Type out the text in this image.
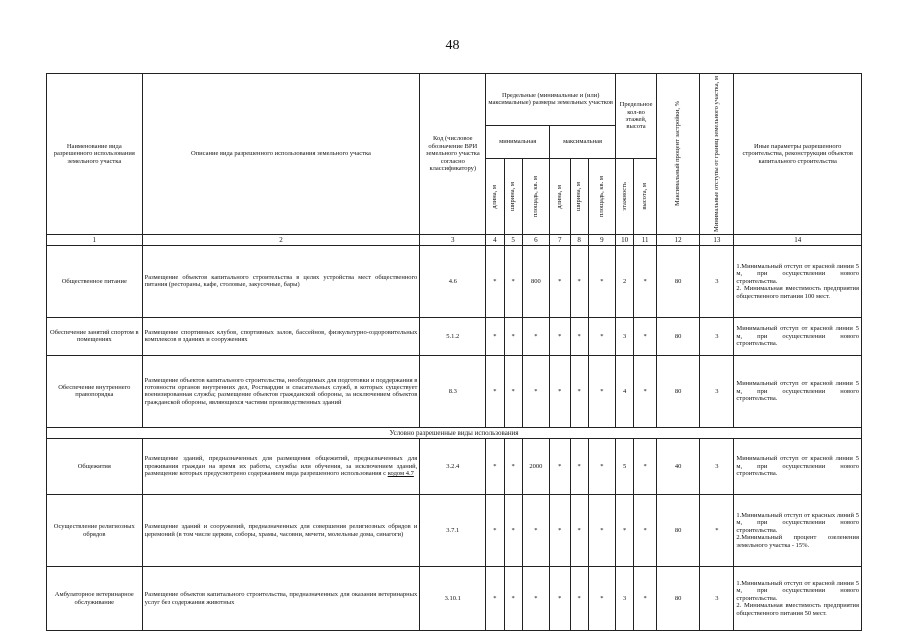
48
Наименование вида разрешенного использования земельного участка	Описание вида разрешенного использования земельного участка	Код (числовое обозначение ВРИ земельного участка согласно классификатору)	Предельные (минимальные и (или) максимальные) размеры земельных участков						Предельное кол-во этажей, высота		Максимальный процент застройки, %	Минимальные отступы от границ земельного участка, м	Иные параметры разрешенного строительства, реконструкции объектов капитального строительства
			минимальная			максимальная							

			длина, м	ширина, м	площадь, кв. м	длина, м	ширина, м	площадь, кв. м	этажность	высота, м			

1	2	3	4	5	6	7	8	9	10	11	12	13	14
Общественное питание	Размещение объектов капитального строительства в целях устройства мест общественного питания (рестораны, кафе, столовые, закусочные, бары)	4.6	*	*	800	*	*	*	2	*	80	3	1.Минимальный отступ от красной линии 5 м, при осуществлении нового строительства.
2. Минимальная вместимость предприятия общественного питания 100 мест.
Обеспечение занятий спортом в помещениях	Размещение спортивных клубов, спортивных залов, бассейнов, физкультурно-оздоровительных комплексов в зданиях и сооружениях	5.1.2	*	*	*	*	*	*	3	*	80	3	Минимальный отступ от красной линии 5 м, при осуществлении нового строительства.
Обеспечение внутреннего правопорядка	Размещение объектов капитального строительства, необходимых для подготовки и поддержания в готовности органов внутренних дел, Росгвардии и спасательных служб, в которых существует военизированная служба; размещение объектов гражданской обороны, за исключением объектов гражданской обороны, являющихся частями производственных зданий	8.3	*	*	*	*	*	*	4	*	80	3	Минимальный отступ от красной линии 5 м, при осуществлении нового строительства.
Условно разрешенные виды использования													
Общежития	Размещение зданий, предназначенных для размещения общежитий, предназначенных для проживания граждан на время их работы, службы или обучения, за исключением зданий, размещение которых предусмотрено содержанием вида разрешенного использования с кодом 4.7	3.2.4	*	*	2000	*	*	*	5	*	40	3	Минимальный отступ от красной линии 5 м, при осуществлении нового строительства.
Осуществление религиозных обрядов	Размещение зданий и сооружений, предназначенных для совершения религиозных обрядов и церемоний (в том числе церкви, соборы, храмы, часовни, мечети, молельные дома, синагоги)	3.7.1	*	*	*	*	*	*	*	*	80	*	1.Минимальный отступ от красных линий 5 м, при осуществлении нового строительства.
2.Минимальный процент озеленения земельного участка - 15%.
Амбулаторное ветеринарное обслуживание	Размещение объектов капитального строительства, предназначенных для оказания ветеринарных услуг без содержания животных	3.10.1	*	*	*	*	*	*	3	*	80	3	1.Минимальный отступ от красной линии 5 м, при осуществлении нового строительства.
2. Минимальная вместимость предприятия общественного питания 50 мест.
